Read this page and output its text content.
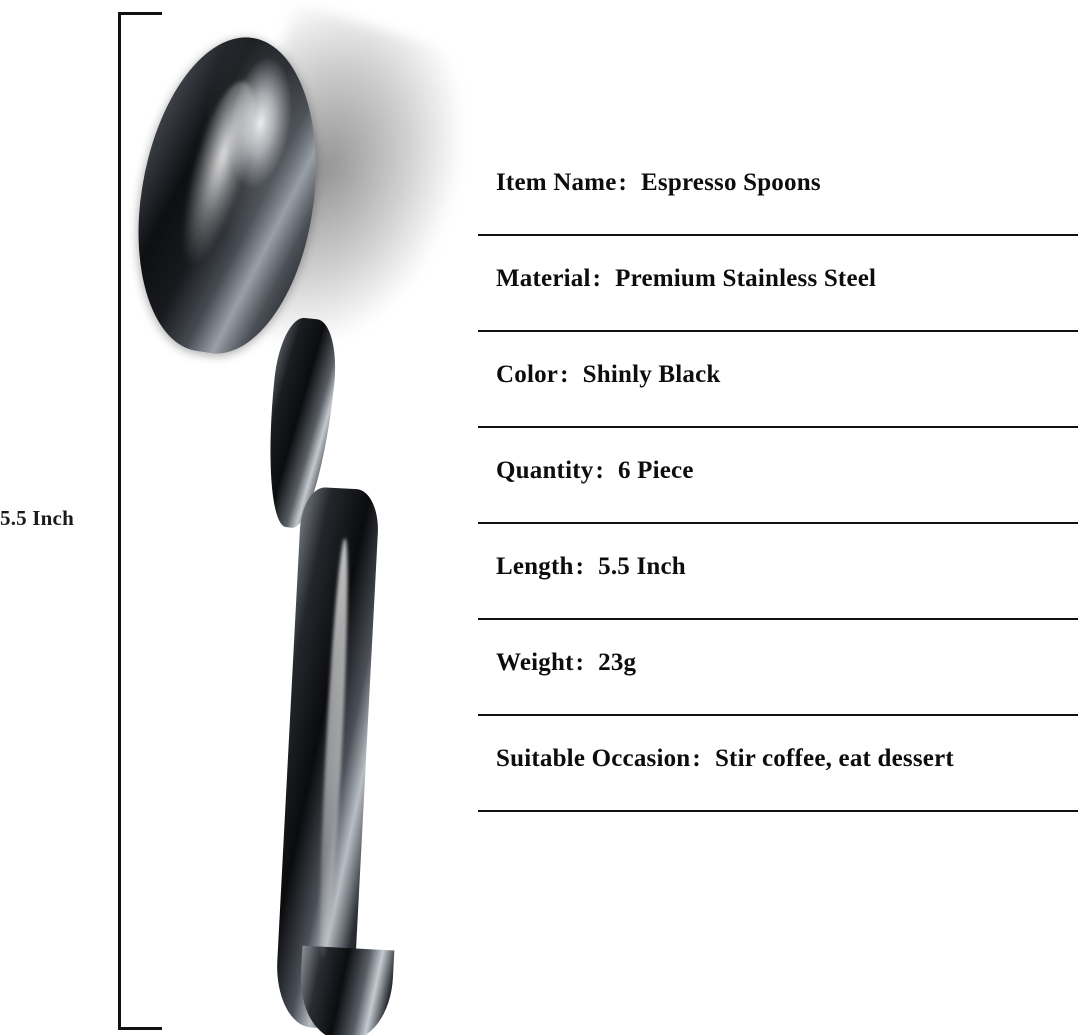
5.5 Inch
Item Name: Espresso Spoons
Material: Premium Stainless Steel
Color: Shinly Black
Quantity: 6 Piece
Length: 5.5 Inch
Weight: 23g
Suitable Occasion: Stir coffee, eat dessert
